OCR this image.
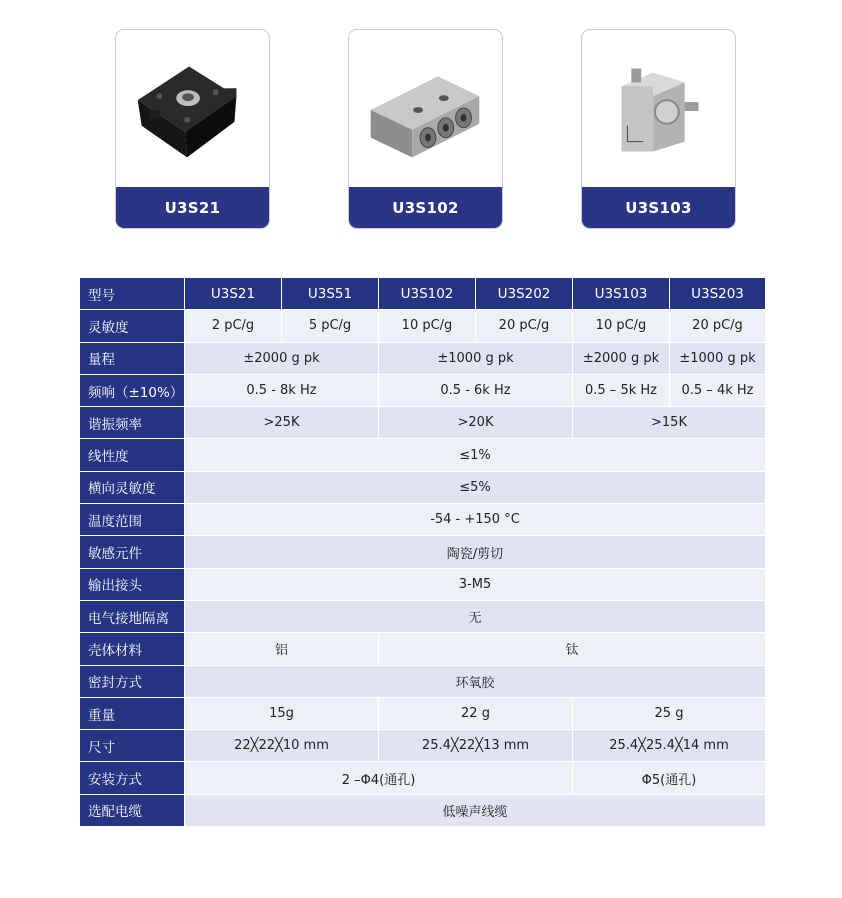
U3S21	U3S102	U3S103
型号	U3S21	U3S51	U3S102	U3S202	U3S103	U3S203
灵敏度	2 pC/g	5 pC/g	10 pC/g	20 pC/g	10 pC/g	20 pC/g
量程	±2000 g pk		±1000 g pk		±2000 g pk	±1000 g pk
频响（±10%）	0.5 - 8k Hz		0.5 - 6k Hz		0.5 – 5k Hz	0.5 – 4k Hz
谐振频率	>25K		>20K		>15K	
线性度	≤1%					
横向灵敏度	≤5%					
温度范围	-54 - +150 °C					
敏感元件	陶瓷/剪切					
输出接头	3-M5					
电气接地隔离	无					
壳体材料	铝		钛			
密封方式	环氧胶					
重量	15g		22 g		25 g	
尺寸	22╳22╳10 mm		25.4╳22╳13 mm		25.4╳25.4╳14 mm	
安装方式	2 –Φ4(通孔)				Φ5(通孔)	
选配电缆	低噪声线缆					
